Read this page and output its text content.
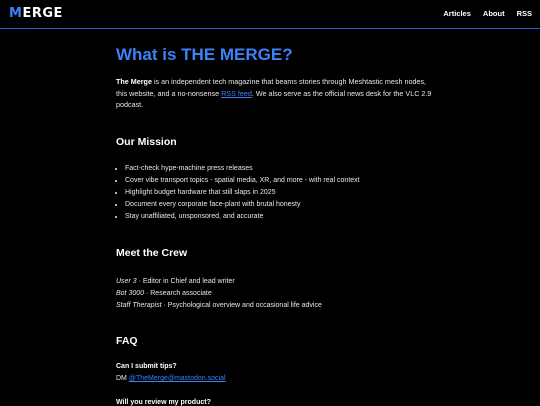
MERGE	Articles About RSS
What is THE MERGE?
The Merge is an independent tech magazine that beams stories through Meshtastic mesh nodes, this website, and a no-nonsense RSS feed. We also serve as the official news desk for the VLC 2.9 podcast.
Our Mission
• Fact-check hype-machine press releases
• Cover vibe transport topics - spatial media, XR, and more - with real context
• Highlight budget hardware that still slaps in 2025
• Document every corporate face-plant with brutal honesty
• Stay unaffiliated, unsponsored, and accurate
Meet the Crew
User 3 · Editor in Chief and lead writer
Bot 3000 · Research associate
Staff Therapist · Psychological overview and occasional life advice
FAQ
Can I submit tips?
DM @TheMerge@mastodon.social
Will you review my product?
